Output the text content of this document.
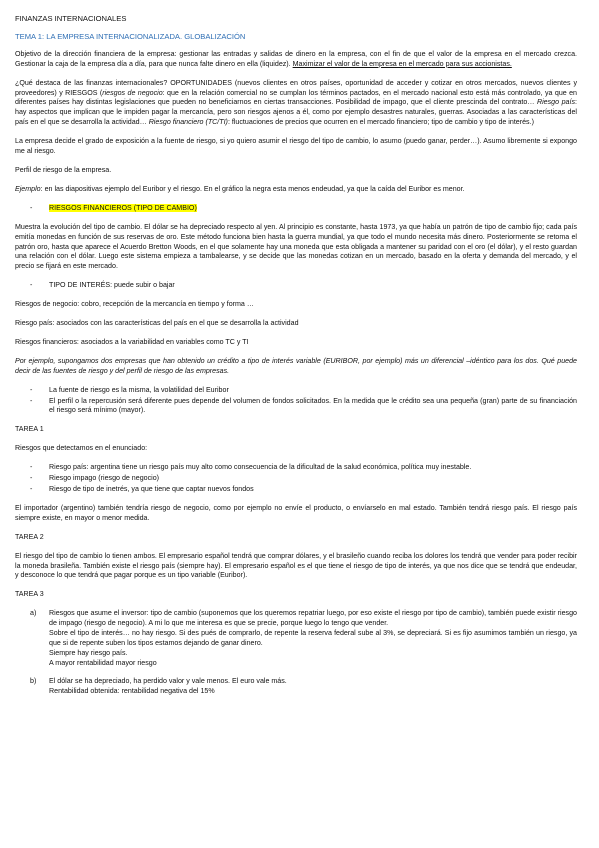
FINANZAS INTERNACIONALES
TEMA 1: LA EMPRESA INTERNACIONALIZADA. GLOBALIZACIÓN

Objetivo de la dirección financiera de la empresa: gestionar las entradas y salidas de dinero en la empresa, con el fin de que el valor de la empresa en el mercado crezca. Gestionar la caja de la empresa día a día, para que nunca falte dinero en ella (liquidez). Maximizar el valor de la empresa en el mercado para sus accionistas.

¿Qué destaca de las finanzas internacionales? OPORTUNIDADES (nuevos clientes en otros países, oportunidad de acceder y cotizar en otros mercados, nuevos clientes y proveedores) y RIESGOS (riesgos de negocio: que en la relación comercial no se cumplan los términos pactados, en el mercado nacional esto está más controlado, ya que en diferentes países hay distintas legislaciones que pueden no beneficiarnos en ciertas transacciones. Posibilidad de impago, que el cliente prescinda del contrato… Riesgo país: hay aspectos que implican que le impiden pagar la mercancía, pero son riesgos ajenos a él, como por ejemplo desastres naturales, guerras. Asociadas a las características del país en el que se desarrolla la actividad… Riesgo financiero (TC/TI): fluctuaciones de precios que ocurren en el mercado financiero; tipo de cambio y tipo de interés.)

La empresa decide el grado de exposición a la fuente de riesgo, si yo quiero asumir el riesgo del tipo de cambio, lo asumo (puedo ganar, perder…). Asumo libremente si expongo me al riesgo.

Perfil de riesgo de la empresa.

Ejemplo: en las diapositivas ejemplo del Euribor y el riesgo. En el gráfico la negra esta menos endeudad, ya que la caída del Euribor es menor.

- RIESGOS FINANCIEROS (TIPO DE CAMBIO)

Muestra la evolución del tipo de cambio. El dólar se ha depreciado respecto al yen. Al principio es constante, hasta 1973, ya que había un patrón de tipo de cambio fijo; cada país emitía monedas en función de sus reservas de oro. Este método funciona bien hasta la guerra mundial, ya que todo el mundo necesita más dinero. Posteriormente se retoma el patrón oro, hasta que aparece el Acuerdo Bretton Woods, en el que solamente hay una moneda que esta obligada a mantener su paridad con el oro (el dólar), y el resto guardan una relación con el dólar. Luego este sistema empieza a tambalearse, y se decide que las monedas cotizan en un mercado, basado en la oferta y demanda del mercado, y el precio se fijará en este mercado.

- TIPO DE INTERÉS: puede subir o bajar

Riesgos de negocio: cobro, recepción de la mercancía en tiempo y forma …

Riesgo país: asociados con las características del país en el que se desarrolla la actividad

Riesgos financieros: asociados a la variabilidad en variables como TC y TI

Por ejemplo, supongamos dos empresas que han obtenido un crédito a tipo de interés variable (EURIBOR, por ejemplo) más un diferencial –idéntico para los dos. Qué puede decir de las fuentes de riesgo y del perfil de riesgo de las empresas.

- La fuente de riesgo es la misma, la volatilidad del Euribor
- El perfil o la repercusión será diferente pues depende del volumen de fondos solicitados. En la medida que le crédito sea una pequeña (gran) parte de su financiación el riesgo será mínimo (mayor).
TAREA 1

Riesgos que detectamos en el enunciado:

- Riesgo país: argentina tiene un riesgo país muy alto como consecuencia de la dificultad de la salud económica, política muy inestable.
- Riesgo impago (riesgo de negocio)
- Riesgo de tipo de inetrés, ya que tiene que captar nuevos fondos

El importador (argentino) también tendría riesgo de negocio, como por ejemplo no envíe el producto, o envíarselo en mal estado. También tendrá riesgo país. El riesgo país siempre existe, en mayor o menor medida.

TAREA 2

El riesgo del tipo de cambio lo tienen ambos. El empresario español tendrá que comprar dólares, y el brasileño cuando reciba los dolores los tendrá que vender para poder recibir la moneda brasileña. También existe el riesgo país (siempre hay). El empresario español es el que tiene el riesgo de tipo de interés, ya que nos dice que se tendrá que endeudar, y desconoce lo que tendrá que pagar porque es un tipo variable (Euribor).

TAREA 3
a) Riesgos que asume el inversor: tipo de cambio (suponemos que los queremos repatriar luego, por eso existe el riesgo por tipo de cambio), también puede existir riesgo de impago (riesgo de negocio). A mi lo que me interesa es que se precie, porque luego lo tengo que vender.
Sobre el tipo de interés… no hay riesgo. Si des pués de comprarlo, de repente la reserva federal sube al 3%, se depreciará. Si es fijo asumimos también un riesgo, ya que si de repente suben los tipos estamos dejando de ganar dinero.
Siempre hay riesgo país.
A mayor rentabilidad mayor riesgo
b) El dólar se ha depreciado, ha perdido valor y vale menos. El euro vale más.
Rentabilidad obtenida: rentabilidad negativa del 15%
